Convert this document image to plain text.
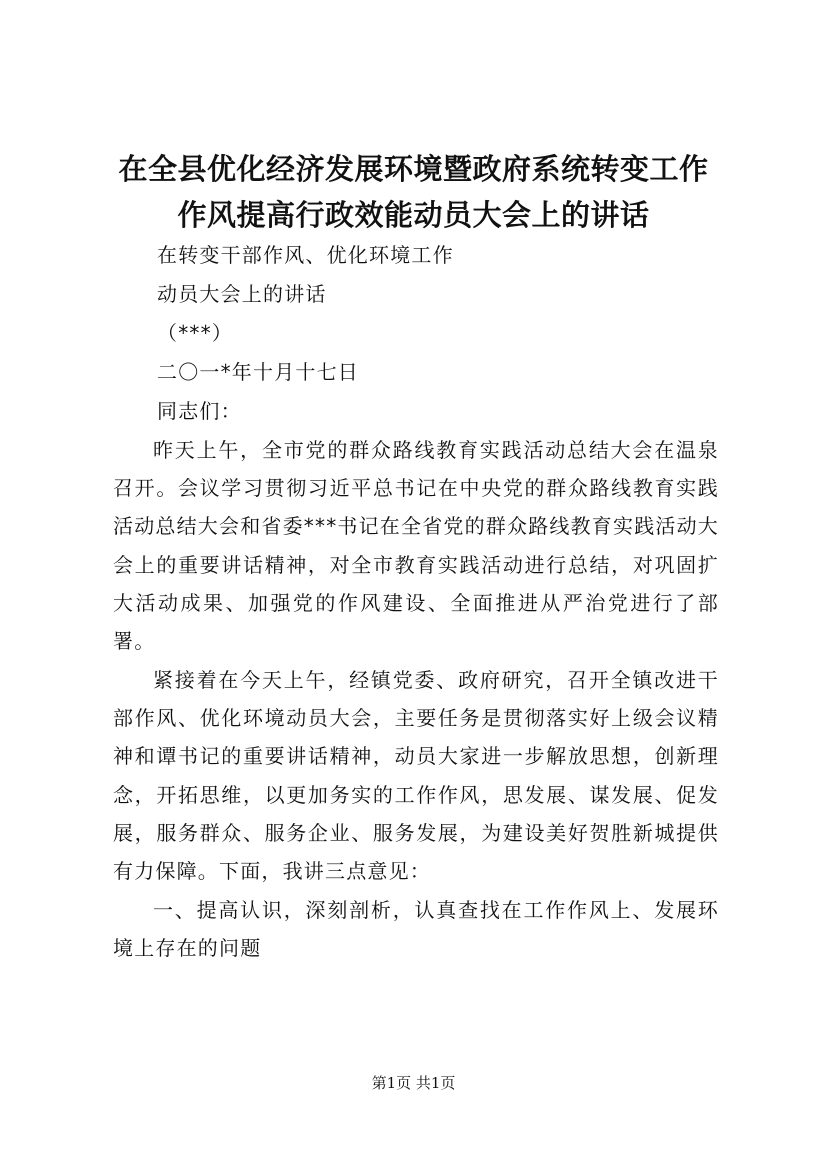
在全县优化经济发展环境暨政府系统转变工作
作风提高行政效能动员大会上的讲话

在转变干部作风、优化环境工作

动员大会上的讲话

（***）

二〇一*年十月十七日

同志们：

昨天上午，全市党的群众路线教育实践活动总结大会在温泉召开。会议学习贯彻习近平总书记在中央党的群众路线教育实践活动总结大会和省委***书记在全省党的群众路线教育实践活动大会上的重要讲话精神，对全市教育实践活动进行总结，对巩固扩大活动成果、加强党的作风建设、全面推进从严治党进行了部署。

紧接着在今天上午，经镇党委、政府研究，召开全镇改进干部作风、优化环境动员大会，主要任务是贯彻落实好上级会议精神和谭书记的重要讲话精神，动员大家进一步解放思想，创新理念，开拓思维，以更加务实的工作作风，思发展、谋发展、促发展，服务群众、服务企业、服务发展，为建设美好贺胜新城提供有力保障。下面，我讲三点意见：

一、提高认识，深刻剖析，认真查找在工作作风上、发展环境上存在的问题

第1页 共1页
